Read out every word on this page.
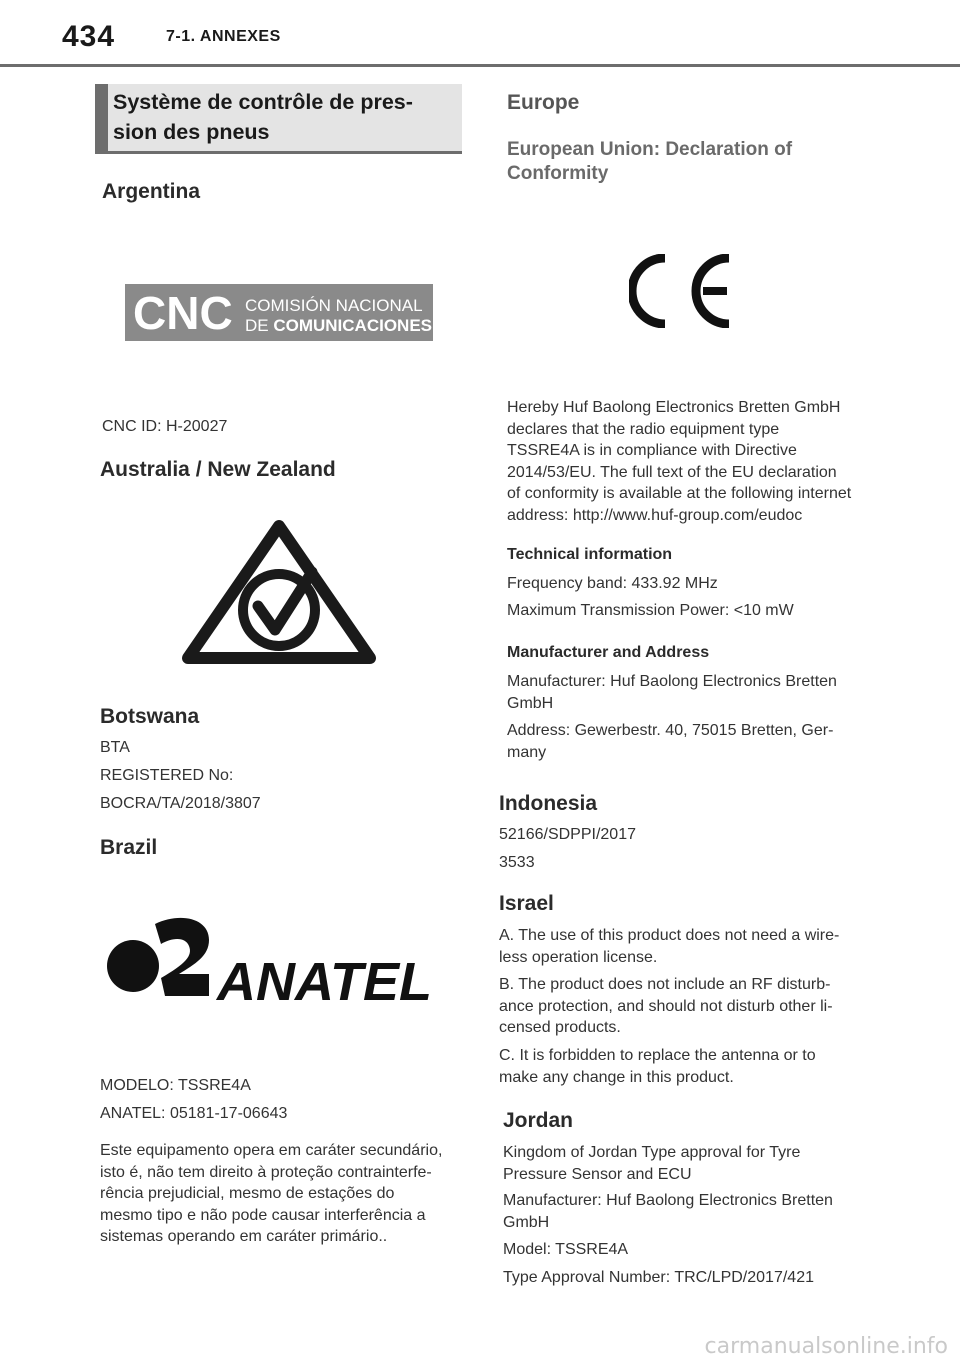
434	7-1. ANNEXES
Système de contrôle de pres-
sion des pneus
Argentina
CNC COMISIÓN NACIONAL
DE COMUNICACIONES
CNC ID: H-20027
Australia / New Zealand
Botswana
BTA
REGISTERED No:
BOCRA/TA/2018/3807
Brazil
ANATEL
MODELO: TSSRE4A
ANATEL: 05181-17-06643
Este equipamento opera em caráter secundário,
isto é, não tem direito à proteção contrainterfe-
rência prejudicial, mesmo de estações do
mesmo tipo e não pode causar interferência a
sistemas operando em caráter primário..
Europe
European Union: Declaration of
Conformity
Hereby Huf Baolong Electronics Bretten GmbH
declares that the radio equipment type
TSSRE4A is in compliance with Directive
2014/53/EU. The full text of the EU declaration
of conformity is available at the following internet
address: http://www.huf-group.com/eudoc
Technical information
Frequency band: 433.92 MHz
Maximum Transmission Power: <10 mW
Manufacturer and Address
Manufacturer: Huf Baolong Electronics Bretten
GmbH
Address: Gewerbestr. 40, 75015 Bretten, Ger-
many
Indonesia
52166/SDPPI/2017
3533
Israel
A. The use of this product does not need a wire-
less operation license.
B. The product does not include an RF disturb-
ance protection, and should not disturb other li-
censed products.
C. It is forbidden to replace the antenna or to
make any change in this product.
Jordan
Kingdom of Jordan Type approval for Tyre
Pressure Sensor and ECU
Manufacturer: Huf Baolong Electronics Bretten
GmbH
Model: TSSRE4A
Type Approval Number: TRC/LPD/2017/421
carmanualsonline.info
